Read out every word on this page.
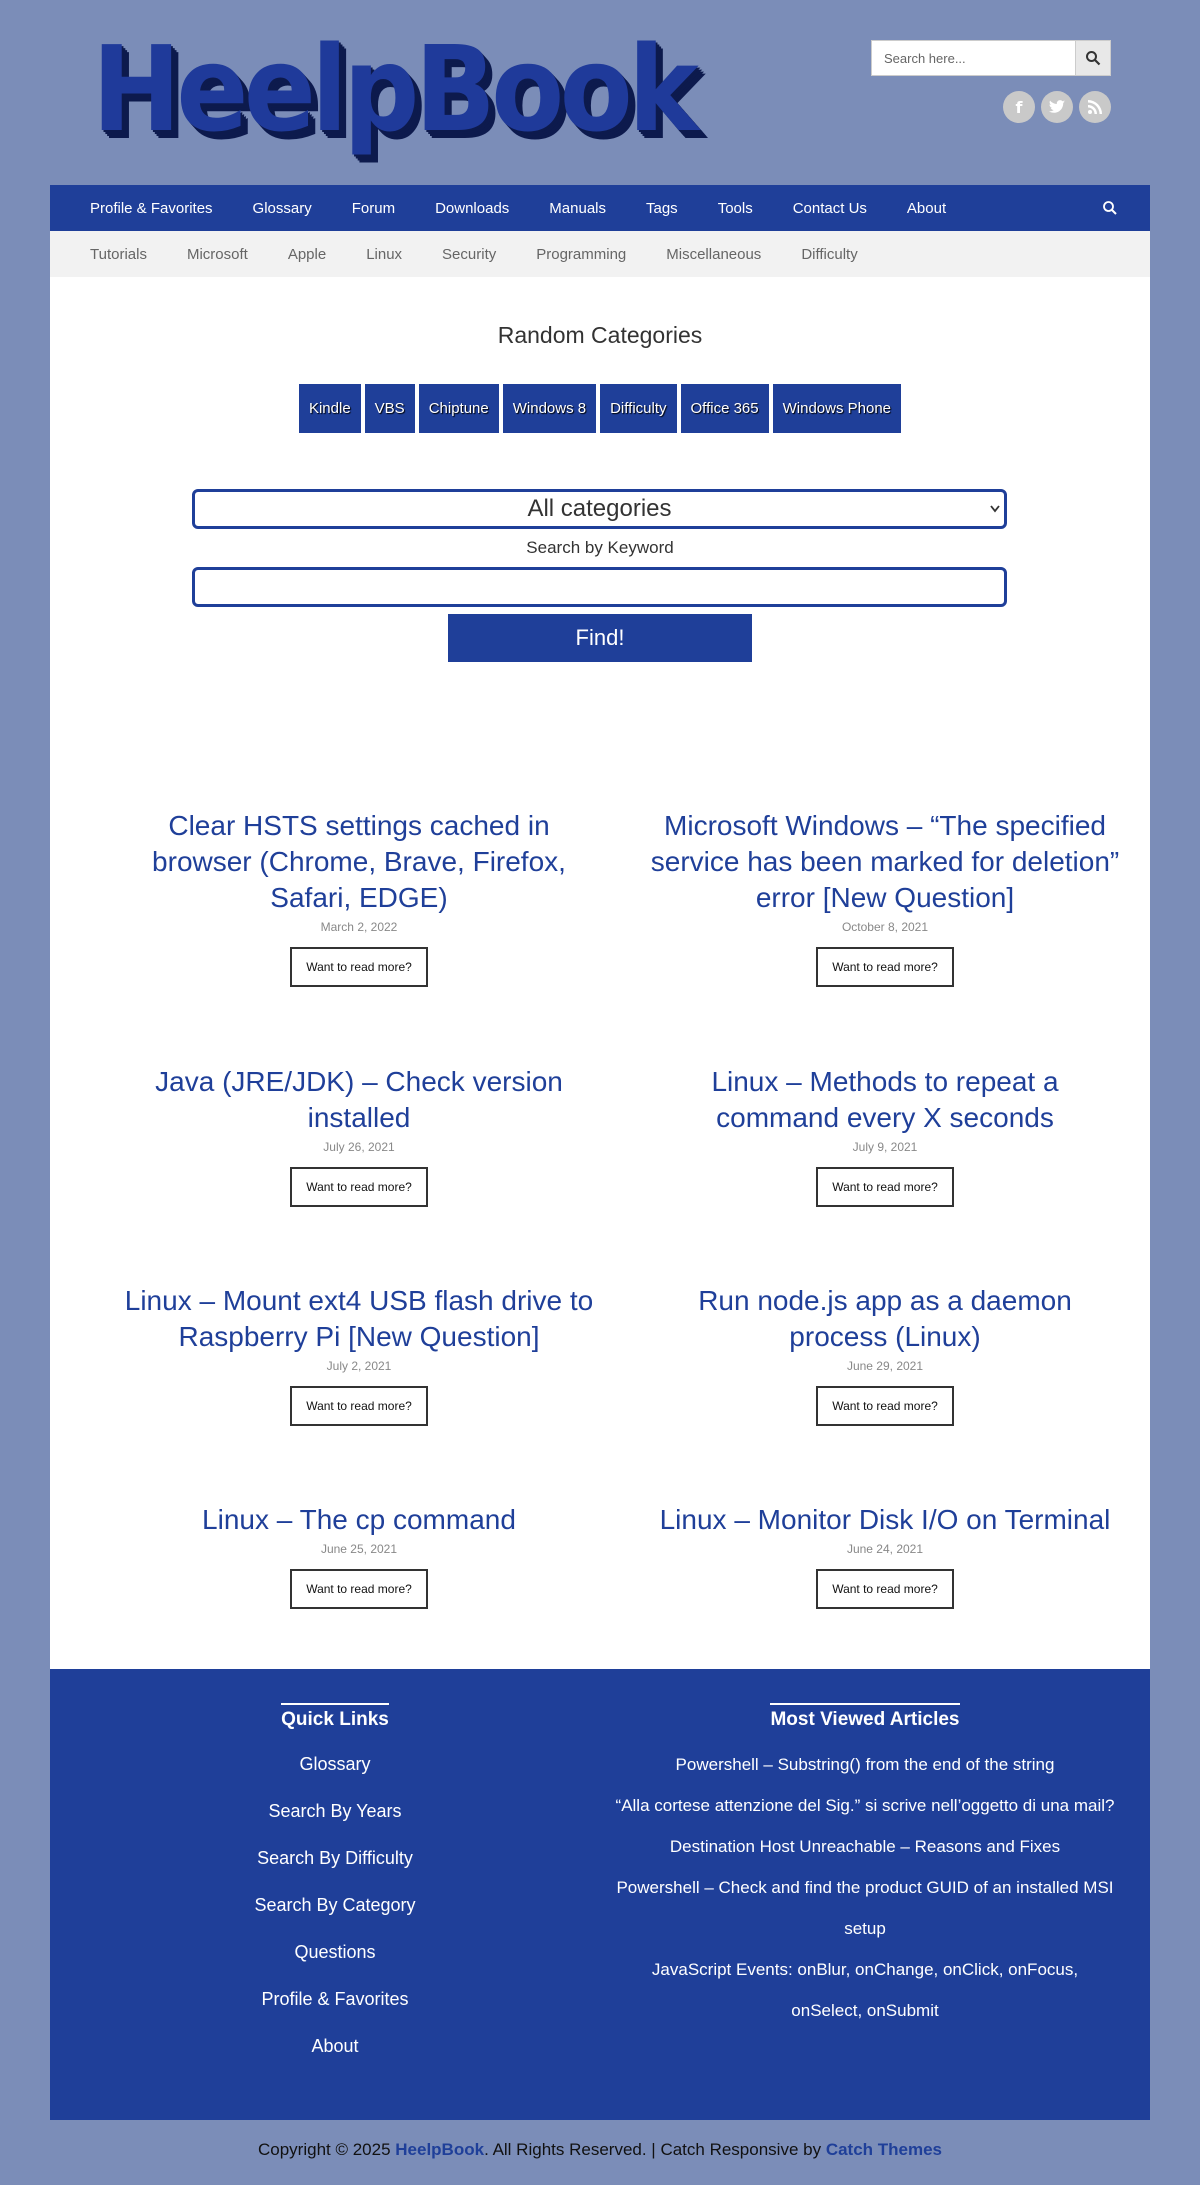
HeelpBook
Search here...	f
Profile & Favorites	Glossary	Forum	Downloads	Manuals	Tags	Tools	Contact Us	About
Tutorials	Microsoft	Apple	Linux	Security	Programming	Miscellaneous	Difficulty
Random Categories
Kindle	VBS	Chiptune	Windows 8	Difficulty	Office 365	Windows Phone
All categories
Search by Keyword
Find!
Clear HSTS settings cached in browser (Chrome, Brave, Firefox, Safari, EDGE)
March 2, 2022
Want to read more?
Microsoft Windows – “The specified service has been marked for deletion” error [New Question]
October 8, 2021
Want to read more?
Java (JRE/JDK) – Check version installed
July 26, 2021
Want to read more?
Linux – Methods to repeat a command every X seconds
July 9, 2021
Want to read more?
Linux – Mount ext4 USB flash drive to Raspberry Pi [New Question]
July 2, 2021
Want to read more?
Run node.js app as a daemon process (Linux)
June 29, 2021
Want to read more?
Linux – The cp command
June 25, 2021
Want to read more?
Linux – Monitor Disk I/O on Terminal
June 24, 2021
Want to read more?
Quick Links
Glossary
Search By Years
Search By Difficulty
Search By Category
Questions
Profile & Favorites
About
Most Viewed Articles
Powershell – Substring() from the end of the string
“Alla cortese attenzione del Sig.” si scrive nell’oggetto di una mail?
Destination Host Unreachable – Reasons and Fixes
Powershell – Check and find the product GUID of an installed MSI setup
JavaScript Events: onBlur, onChange, onClick, onFocus, onSelect, onSubmit
Copyright © 2025 HeelpBook. All Rights Reserved. | Catch Responsive by Catch Themes
